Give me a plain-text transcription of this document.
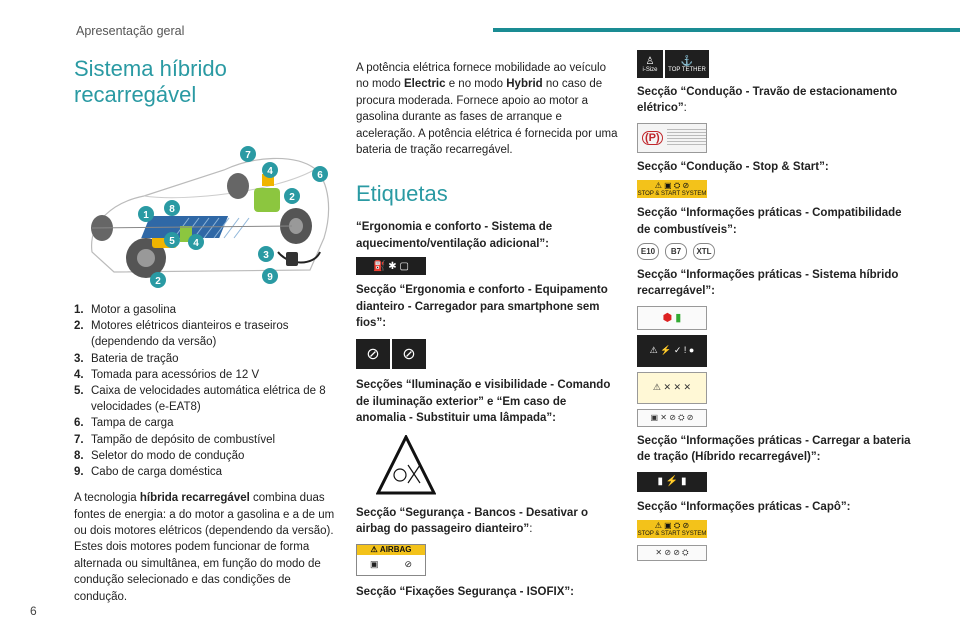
Apresentação geral
Sistema híbrido
recarregável
7
4	6
2
1
8
5 4
3
2	9
1. Motor a gasolina
2. Motores elétricos dianteiros e traseiros (dependendo da versão)
3. Bateria de tração
4. Tomada para acessórios de 12 V
5. Caixa de velocidades automática elétrica de 8 velocidades (e-EAT8)
6. Tampa de carga
7. Tampão de depósito de combustível
8. Seletor do modo de condução
9. Cabo de carga doméstica

A tecnologia híbrida recarregável combina duas fontes de energia: a do motor a gasolina e a de um ou dois motores elétricos (dependendo da versão). Estes dois motores podem funcionar de forma alternada ou simultânea, em função do modo de condução selecionado e das condições de condução.

A potência elétrica fornece mobilidade ao veículo no modo Electric e no modo Hybrid no caso de procura moderada. Fornece apoio ao motor a gasolina durante as fases de arranque e aceleração. A potência elétrica é fornecida por uma bateria de tração recarregável.

Etiquetas
“Ergonomia e conforto - Sistema de aquecimento/ventilação adicional”:
⛽ ✱ ▢
Secção “Ergonomia e conforto - Equipamento dianteiro - Carregador para smartphone sem fios”:
⊘	⊘
Secções “Iluminação e visibilidade - Comando de iluminação exterior” e “Em caso de anomalia - Substituir uma lâmpada”:
Secção “Segurança - Bancos - Desativar o airbag do passageiro dianteiro”:
⚠
AIRBAG
▣	⊘
Secção “Fixações Segurança - ISOFIX”:
♙
i-Size
⚓
TOP TETHER
Secção “Condução - Travão de estacionamento elétrico”:
(P)
Secção “Condução - Stop & Start”:
⚠ ▣ ⛭ ⊘
STOP & START SYSTEM
Secção “Informações práticas - Compatibilidade de combustíveis”:
E10	B7	XTL
Secção “Informações práticas - Sistema híbrido recarregável”:
⬢
▮
⚠ ⚡ ✓ ! ●
⚠ ✕ ✕ ✕
▣ ✕ ⊘ ⛭ ⊘
Secção “Informações práticas - Carregar a bateria de tração (Híbrido recarregável)”:
▮ ⚡ ▮
Secção “Informações práticas - Capô”:
⚠ ▣ ⛭ ⊘
STOP & START SYSTEM
✕ ⊘ ⊘ ⛭
6
